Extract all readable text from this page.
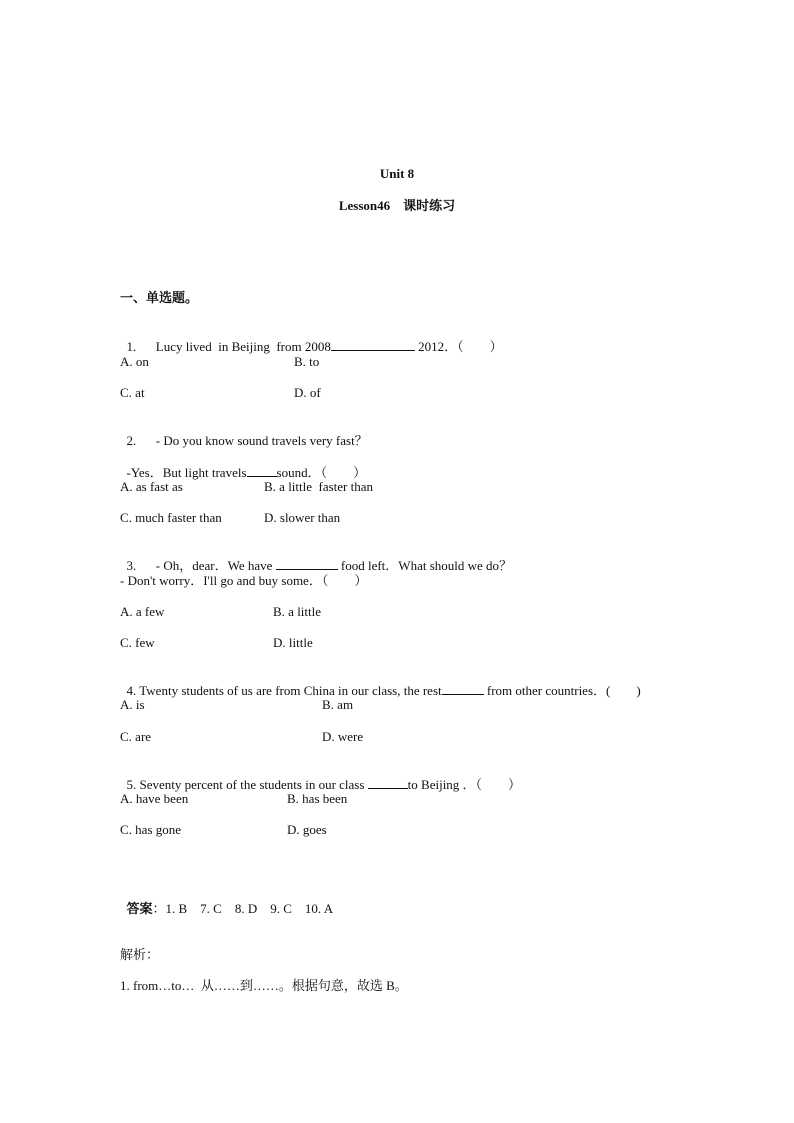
Unit 8
Lesson46    课时练习
一、单选题。

1. Lucy lived  in Beijing  from 2008	2012．（        ）

A. on	B. to
C. at	D. of

2. - Do you know sound travels very fast？

-Yes．But light travels sound．（        ）

A. as fast as	B. a little  faster than
C. much faster than	D. slower than

3. - Oh，dear．We have	food left．What should we do？

- Don't worry．I'll go and buy some．（        ）
A. a few	B. a little
C. few	D. little

4. Twenty students of us are from China in our class, the rest	from other countries．(        )

A. is	B. am
C. are	D. were

5. Seventy percent of the students in our class	to Beijing ．（        ）

A. have been	B. has been
C. has gone	D. goes

答案：1. B    7. C    8. D    9. C    10. A

解析：
1. from…to…  从……到……。根据句意，故选 B。
